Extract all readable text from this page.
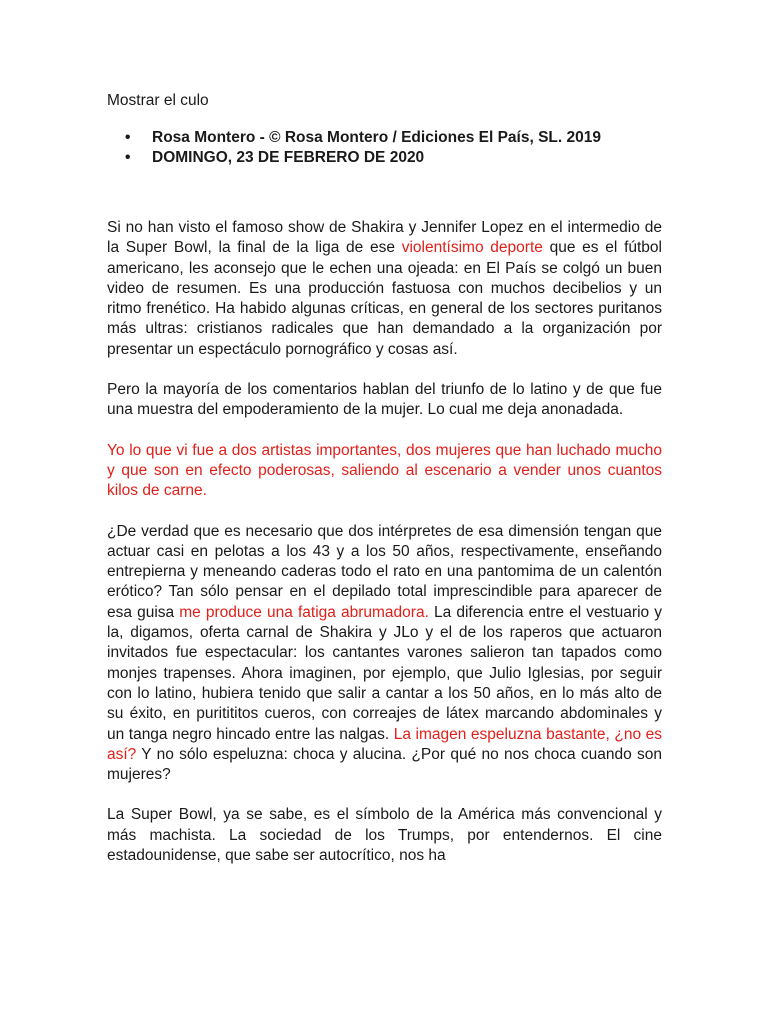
Mostrar el culo
• Rosa Montero - © Rosa Montero / Ediciones El País, SL. 2019
• DOMINGO, 23 DE FEBRERO DE 2020

Si no han visto el famoso show de Shakira y Jennifer Lopez en el intermedio de la Super Bowl, la final de la liga de ese violentísimo deporte que es el fútbol americano, les aconsejo que le echen una ojeada: en El País se colgó un buen video de resumen. Es una producción fastuosa con muchos decibelios y un ritmo frenético. Ha habido algunas críticas, en general de los sectores puritanos más ultras: cristianos radicales que han demandado a la organización por presentar un espectáculo pornográfico y cosas así.

Pero la mayoría de los comentarios hablan del triunfo de lo latino y de que fue una muestra del empoderamiento de la mujer. Lo cual me deja anonadada.

Yo lo que vi fue a dos artistas importantes, dos mujeres que han luchado mucho y que son en efecto poderosas, saliendo al escenario a vender unos cuantos kilos de carne.

¿De verdad que es necesario que dos intérpretes de esa dimensión tengan que actuar casi en pelotas a los 43 y a los 50 años, respectivamente, enseñando entrepierna y meneando caderas todo el rato en una pantomima de un calentón erótico? Tan sólo pensar en el depilado total imprescindible para aparecer de esa guisa me produce una fatiga abrumadora. La diferencia entre el vestuario y la, digamos, oferta carnal de Shakira y JLo y el de los raperos que actuaron invitados fue espectacular: los cantantes varones salieron tan tapados como monjes trapenses. Ahora imaginen, por ejemplo, que Julio Iglesias, por seguir con lo latino, hubiera tenido que salir a cantar a los 50 años, en lo más alto de su éxito, en puritititos cueros, con correajes de látex marcando abdominales y un tanga negro hincado entre las nalgas. La imagen espeluzna bastante, ¿no es así? Y no sólo espeluzna: choca y alucina. ¿Por qué no nos choca cuando son mujeres?

La Super Bowl, ya se sabe, es el símbolo de la América más convencional y más machista. La sociedad de los Trumps, por entendernos. El cine estadounidense, que sabe ser autocrítico, nos ha
